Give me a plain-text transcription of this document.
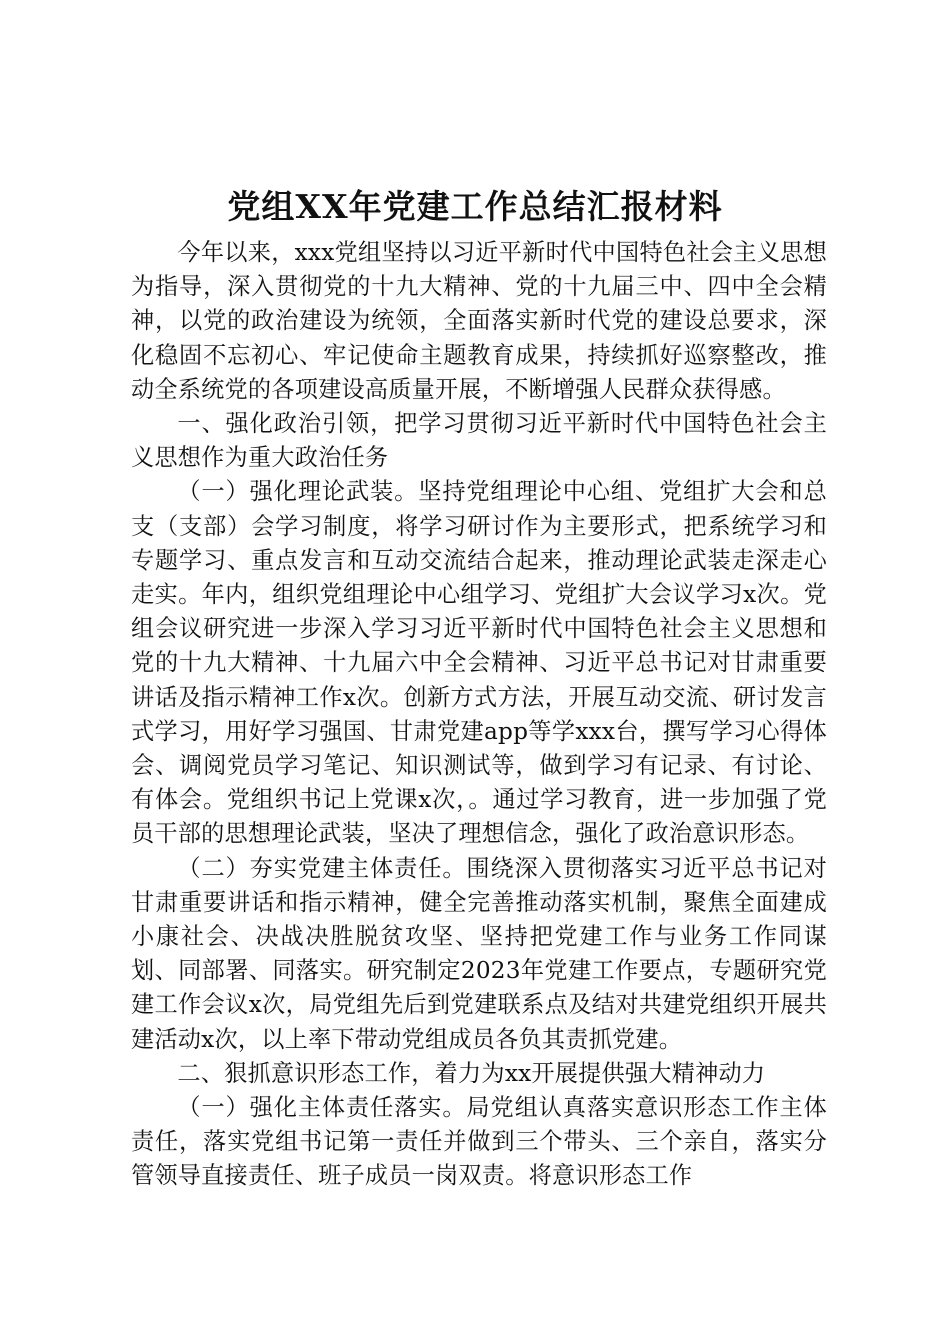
党组XX年党建工作总结汇报材料

今年以来，xxx党组坚持以习近平新时代中国特色社会主义思想为指导，深入贯彻党的十九大精神、党的十九届三中、四中全会精神，以党的政治建设为统领，全面落实新时代党的建设总要求，深化稳固不忘初心、牢记使命主题教育成果，持续抓好巡察整改，推动全系统党的各项建设高质量开展，不断增强人民群众获得感。

一、强化政治引领，把学习贯彻习近平新时代中国特色社会主义思想作为重大政治任务

（一）强化理论武装。坚持党组理论中心组、党组扩大会和总支（支部）会学习制度，将学习研讨作为主要形式，把系统学习和专题学习、重点发言和互动交流结合起来，推动理论武装走深走心走实。年内，组织党组理论中心组学习、党组扩大会议学习x次。党组会议研究进一步深入学习习近平新时代中国特色社会主义思想和党的十九大精神、十九届六中全会精神、习近平总书记对甘肃重要讲话及指示精神工作x次。创新方式方法，开展互动交流、研讨发言式学习，用好学习强国、甘肃党建app等学xxx台，撰写学习心得体会、调阅党员学习笔记、知识测试等，做到学习有记录、有讨论、有体会。党组织书记上党课x次，。通过学习教育，进一步加强了党员干部的思想理论武装，坚决了理想信念，强化了政治意识形态。

（二）夯实党建主体责任。围绕深入贯彻落实习近平总书记对甘肃重要讲话和指示精神，健全完善推动落实机制，聚焦全面建成小康社会、决战决胜脱贫攻坚、坚持把党建工作与业务工作同谋划、同部署、同落实。研究制定2023年党建工作要点，专题研究党建工作会议x次，局党组先后到党建联系点及结对共建党组织开展共建活动x次，以上率下带动党组成员各负其责抓党建。

二、狠抓意识形态工作，着力为xx开展提供强大精神动力

（一）强化主体责任落实。局党组认真落实意识形态工作主体责任，落实党组书记第一责任并做到三个带头、三个亲自，落实分管领导直接责任、班子成员一岗双责。将意识形态工作
